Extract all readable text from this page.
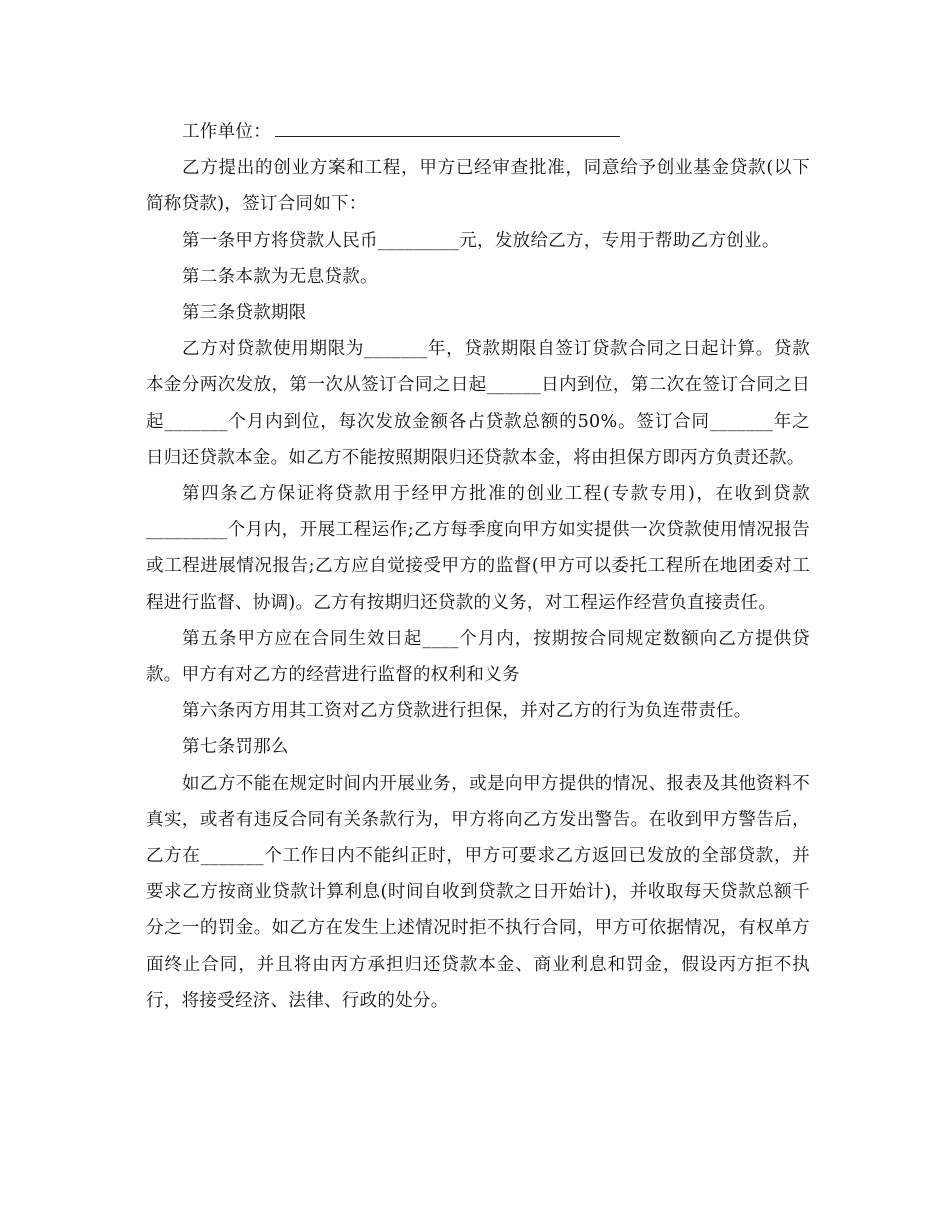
工作单位：

乙方提出的创业方案和工程，甲方已经审查批准，同意给予创业基金贷款(以下简称贷款)，签订合同如下：

第一条甲方将贷款人民币_________元，发放给乙方，专用于帮助乙方创业。

第二条本款为无息贷款。

第三条贷款期限

乙方对贷款使用期限为_______年，贷款期限自签订贷款合同之日起计算。贷款本金分两次发放，第一次从签订合同之日起______日内到位，第二次在签订合同之日起_______个月内到位，每次发放金额各占贷款总额的50%。签订合同_______年之日归还贷款本金。如乙方不能按照期限归还贷款本金，将由担保方即丙方负责还款。

第四条乙方保证将贷款用于经甲方批准的创业工程(专款专用)，在收到贷款_________个月内，开展工程运作;乙方每季度向甲方如实提供一次贷款使用情况报告或工程进展情况报告;乙方应自觉接受甲方的监督(甲方可以委托工程所在地团委对工程进行监督、协调)。乙方有按期归还贷款的义务，对工程运作经营负直接责任。

第五条甲方应在合同生效日起____个月内，按期按合同规定数额向乙方提供贷款。甲方有对乙方的经营进行监督的权利和义务

第六条丙方用其工资对乙方贷款进行担保，并对乙方的行为负连带责任。

第七条罚那么

如乙方不能在规定时间内开展业务，或是向甲方提供的情况、报表及其他资料不真实，或者有违反合同有关条款行为，甲方将向乙方发出警告。在收到甲方警告后，乙方在_______个工作日内不能纠正时，甲方可要求乙方返回已发放的全部贷款，并要求乙方按商业贷款计算利息(时间自收到贷款之日开始计)，并收取每天贷款总额千分之一的罚金。如乙方在发生上述情况时拒不执行合同，甲方可依据情况，有权单方面终止合同，并且将由丙方承担归还贷款本金、商业利息和罚金，假设丙方拒不执行，将接受经济、法律、行政的处分。
